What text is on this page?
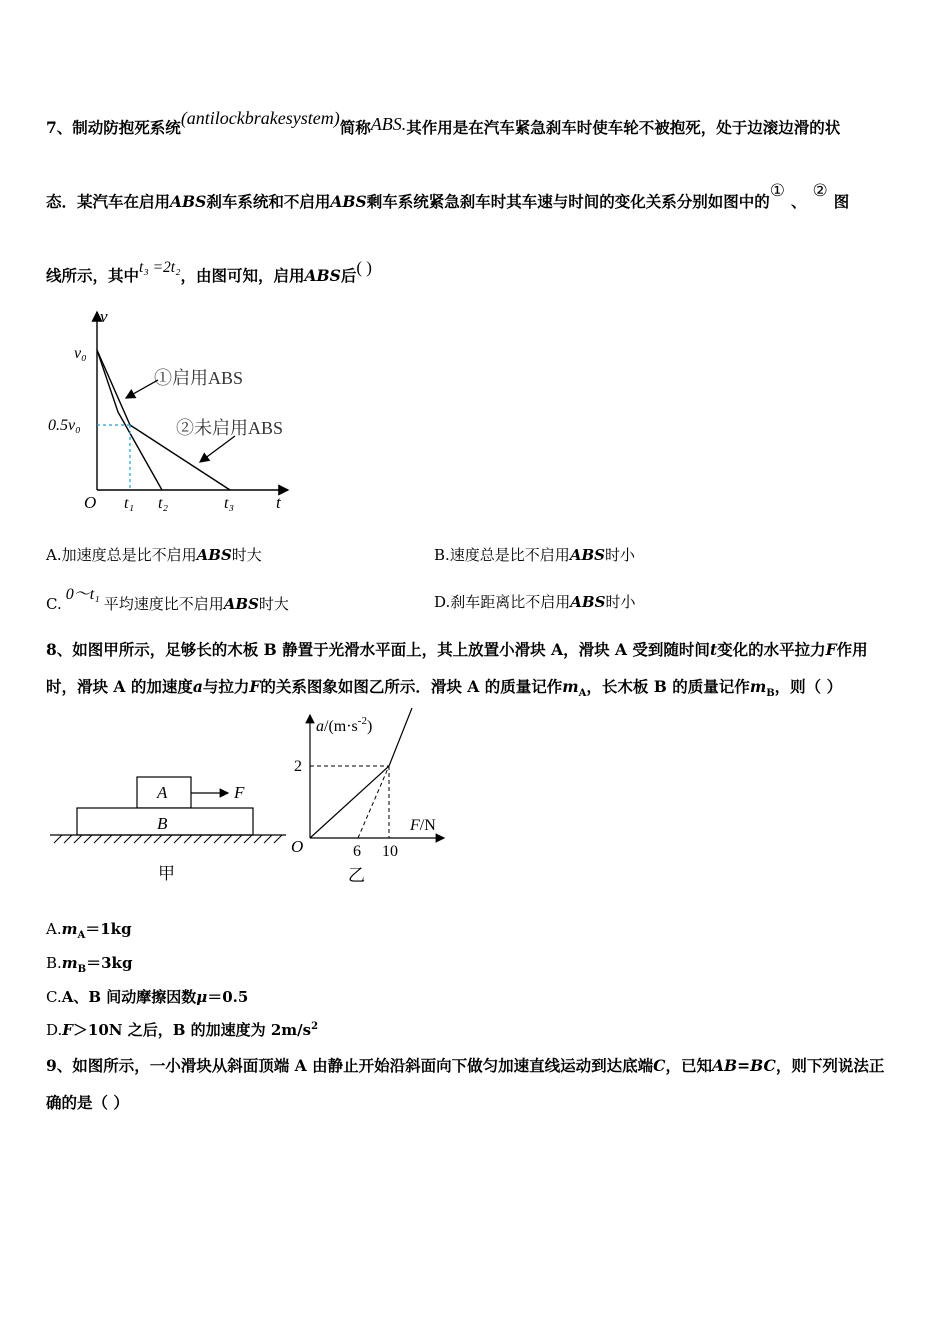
7、制动防抱死系统(antilockbrakesystem)简称ABS.其作用是在汽车紧急刹车时使车轮不被抱死，处于边滚边滑的状
态．某汽车在启用ABS刹车系统和不启用ABS剩车系统紧急刹车时其车速与时间的变化关系分别如图中的①、②图
线所示，其中t₃ =2t₂，由图可知，启用ABS后( )
v
t
O
v₀
0.5v₀
t₁ t₂	t₃
①启用ABS
②未启用ABS
A.加速度总是比不启用ABS时大	B.速度总是比不启用ABS时小
C.0～t₁平均速度比不启用ABS时大	D.刹车距离比不启用ABS时小
8、如图甲所示，足够长的木板 B 静置于光滑水平面上，其上放置小滑块 A，滑块 A 受到随时间t变化的水平拉力F作用
时，滑块 A 的加速度a与拉力F的关系图象如图乙所示．滑块 A 的质量记作$m_A$，长木板 B 的质量记作$m_B$，则（ ）
A
B
F
甲
$a/(m\cdot s^{-2})$
F/N
O
2
6 10
乙
$A.m_A=1kg$
$B.m_B=3kg$
C.A、B 间动摩擦因数μ＝0.5
D.F＞10N 之后，B 的加速度为 $2m/s^2$
9、如图所示，一小滑块从斜面顶端 A 由静止开始沿斜面向下做匀加速直线运动到达底端C，已知AB=BC，则下列说法正
确的是（ ）
